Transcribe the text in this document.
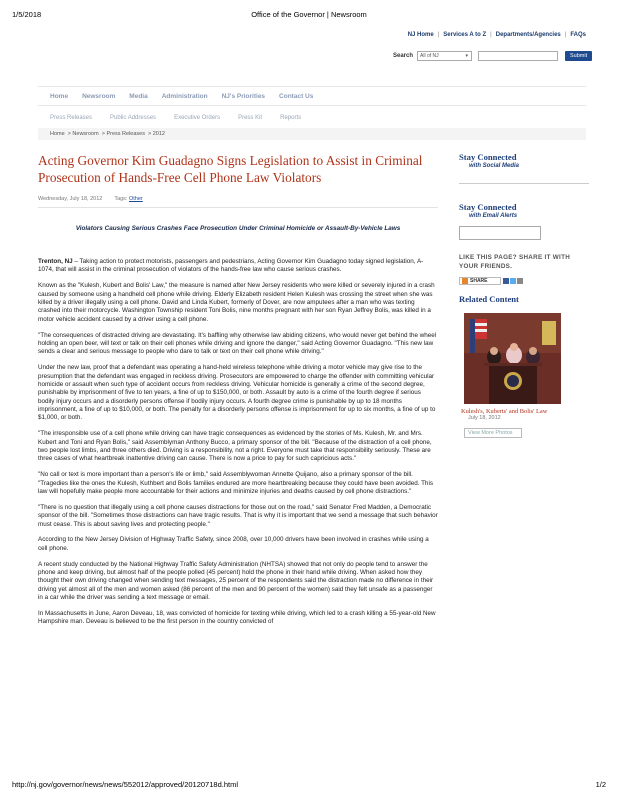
1/5/2018	Office of the Governor | Newsroom
NJ Home | Services A to Z | Departments/Agencies | FAQs
Search	All of NJ	▾	Submit
Home	Newsroom	Media	Administration	NJ's Priorities	Contact Us
Press Releases	Public Addresses	Executive Orders	Press Kit	Reports
Home > Newsroom > Press Releases > 2012
Acting Governor Kim Guadagno Signs Legislation to Assist in Criminal Prosecution of Hands-Free Cell Phone Law Violators
Wednesday, July 18, 2012 Tags: Other
Violators Causing Serious Crashes Face Prosecution Under Criminal Homicide or Assault-By-Vehicle Laws

Trenton, NJ – Taking action to protect motorists, passengers and pedestrians, Acting Governor Kim Guadagno today signed legislation, A-1074, that will assist in the criminal prosecution of violators of the hands-free law who cause serious crashes.

Known as the "Kulesh, Kubert and Bolis' Law," the measure is named after New Jersey residents who were killed or severely injured in a crash caused by someone using a handheld cell phone while driving. Elderly Elizabeth resident Helen Kulesh was crossing the street when she was killed by a driver illegally using a cell phone. David and Linda Kubert, formerly of Dover, are now amputees after a man who was texting crashed into their motorcycle. Washington Township resident Toni Bolis, nine months pregnant with her son Ryan Jeffrey Bolis, was killed in a motor vehicle accident caused by a driver using a cell phone.

"The consequences of distracted driving are devastating. It's baffling why otherwise law abiding citizens, who would never get behind the wheel holding an open beer, will text or talk on their cell phones while driving and ignore the danger," said Acting Governor Guadagno. "This new law sends a clear and serious message to people who dare to talk or text on their cell phone while driving."

Under the new law, proof that a defendant was operating a hand-held wireless telephone while driving a motor vehicle may give rise to the presumption that the defendant was engaged in reckless driving. Prosecutors are empowered to charge the offender with committing vehicular homicide or assault when such type of accident occurs from reckless driving. Vehicular homicide is generally a crime of the second degree, punishable by imprisonment of five to ten years, a fine of up to $150,000, or both. Assault by auto is a crime of the fourth degree if serious bodily injury occurs and a disorderly persons offense if bodily injury occurs. A fourth degree crime is punishable by up to 18 months imprisonment, a fine of up to $10,000, or both. The penalty for a disorderly persons offense is imprisonment for up to six months, a fine of up to $1,000, or both.

"The irresponsible use of a cell phone while driving can have tragic consequences as evidenced by the stories of Ms. Kulesh, Mr. and Mrs. Kubert and Toni and Ryan Bolis," said Assemblyman Anthony Bucco, a primary sponsor of the bill. "Because of the distraction of a cell phone, two people lost limbs, and three others died. Driving is a responsibility, not a right. Everyone must take that responsibility seriously. These are three cases of what heartbreak inattentive driving can cause. There is now a price to pay for such capricious acts."

"No call or text is more important than a person's life or limb," said Assemblywoman Annette Quijano, also a primary sponsor of the bill. "Tragedies like the ones the Kulesh, Kuthbert and Bolis families endured are more heartbreaking because they could have been avoided. This law will hopefully make people more accountable for their actions and minimize injuries and deaths caused by cell phone distractions."

"There is no question that illegally using a cell phone causes distractions for those out on the road," said Senator Fred Madden, a Democratic sponsor of the bill. "Sometimes those distractions can have tragic results. That is why it is important that we send a message that such behavior must cease. This is about saving lives and protecting people."

According to the New Jersey Division of Highway Traffic Safety, since 2008, over 10,000 drivers have been involved in crashes while using a cell phone.

A recent study conducted by the National Highway Traffic Safety Administration (NHTSA) showed that not only do people tend to answer the phone and keep driving, but almost half of the people polled (45 percent) hold the phone in their hand while driving. When asked how they thought their own driving changed when sending text messages, 25 percent of the respondents said the distraction made no difference in their driving yet almost all of the men and women asked (86 percent of the men and 90 percent of the women) said they felt unsafe as a passenger in a car while the driver was sending a text message or email.

In Massachusetts in June, Aaron Deveau, 18, was convicted of homicide for texting while driving, which led to a crash killing a 55-year-old New Hampshire man. Deveau is believed to be the first person in the country convicted of

Stay Connected
with Social Media
Stay Connected
with Email Alerts
LIKE THIS PAGE? SHARE IT WITH YOUR FRIENDS.
SHARE
Related Content
Kulesh's, Kuberts' and Bolis' Law
July 18, 2012
View More Photos
http://nj.gov/governor/news/news/552012/approved/20120718d.html	1/2
